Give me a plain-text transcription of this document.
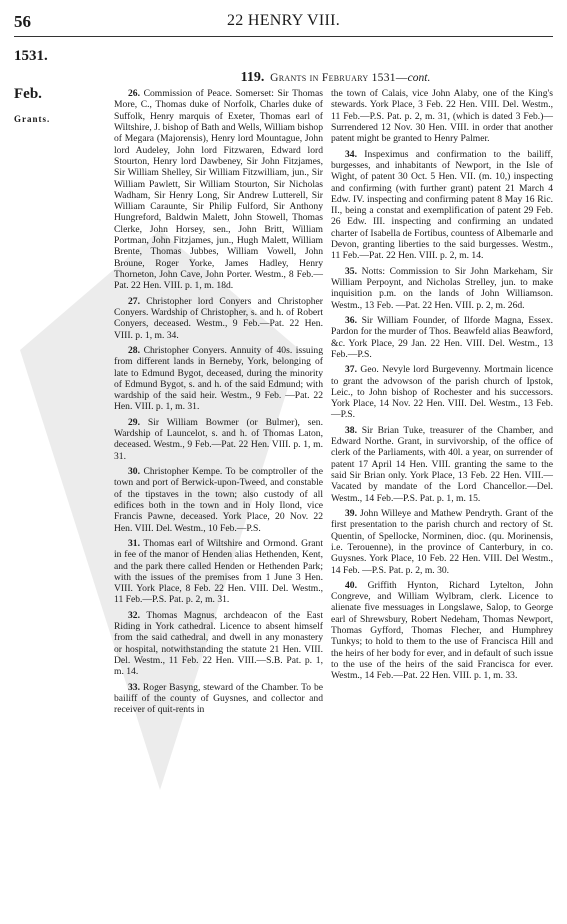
56	22 HENRY VIII.
1531.
Feb.
Grants.
119. Grants in February 1531—cont.

26. Commission of Peace. Somerset: Sir Thomas More, C., Thomas duke of Norfolk, Charles duke of Suffolk, Henry marquis of Exeter, Thomas earl of Wiltshire, J. bishop of Bath and Wells, William bishop of Megara (Majorensis), Henry lord Mountague, John lord Audeley, John lord Fitzwaren, Edward lord Stourton, Henry lord Dawbeney, Sir John Fitzjames, Sir William Shelley, Sir William Fitzwilliam, jun., Sir William Pawlett, Sir William Stourton, Sir Nicholas Wadham, Sir Henry Long, Sir Andrew Lutterell, Sir William Caraunte, Sir Philip Fulford, Sir Anthony Hungreford, Baldwin Malett, John Stowell, Thomas Clerke, John Horsey, sen., John Britt, William Portman, John Fitzjames, jun., Hugh Malett, William Brente, Thomas Jubbes, William Vowell, John Broune, Roger Yorke, James Hadley, Henry Thorneton, John Cave, John Porter. Westm., 8 Feb.—Pat. 22 Hen. VIII. p. 1, m. 18d.

27. Christopher lord Conyers and Christopher Conyers. Wardship of Christopher, s. and h. of Robert Conyers, deceased. Westm., 9 Feb.—Pat. 22 Hen. VIII. p. 1, m. 34.

28. Christopher Conyers. Annuity of 40s. issuing from different lands in Berneby, York, belonging of late to Edmund Bygot, deceased, during the minority of Edmund Bygot, s. and h. of the said Edmund; with wardship of the said heir. Westm., 9 Feb. —Pat. 22 Hen. VIII. p. 1, m. 31.

29. Sir William Bowmer (or Bulmer), sen. Wardship of Launcelot, s. and h. of Thomas Laton, deceased. Westm., 9 Feb.—Pat. 22 Hen. VIII. p. 1, m. 31.

30. Christopher Kempe. To be comptroller of the town and port of Berwick-upon-Tweed, and constable of the tipstaves in the town; also custody of all edifices both in the town and in Holy Ilond, vice Francis Pawne, deceased. York Place, 20 Nov. 22 Hen. VIII. Del. Westm., 10 Feb.—P.S.

31. Thomas earl of Wiltshire and Ormond. Grant in fee of the manor of Henden alias Hethenden, Kent, and the park there called Henden or Hethenden Park; with the issues of the premises from 1 June 3 Hen. VIII. York Place, 8 Feb. 22 Hen. VIII. Del. Westm., 11 Feb.—P.S. Pat. p. 2, m. 31.

32. Thomas Magnus, archdeacon of the East Riding in York cathedral. Licence to absent himself from the said cathedral, and dwell in any monastery or hospital, notwithstanding the statute 21 Hen. VIII. Del. Westm., 11 Feb. 22 Hen. VIII.—S.B. Pat. p. 1, m. 14.

33. Roger Basyng, steward of the Chamber. To be bailiff of the county of Guysnes, and collector and receiver of quit-rents in

the town of Calais, vice John Alaby, one of the King's stewards. York Place, 3 Feb. 22 Hen. VIII. Del. Westm., 11 Feb.—P.S. Pat. p. 2, m. 31, (which is dated 3 Feb.)—Surrendered 12 Nov. 30 Hen. VIII. in order that another patent might be granted to Henry Palmer.

34. Inspeximus and confirmation to the bailiff, burgesses, and inhabitants of Newport, in the Isle of Wight, of patent 30 Oct. 5 Hen. VII. (m. 10,) inspecting and confirming (with further grant) patent 21 March 4 Edw. IV. inspecting and confirming patent 8 May 16 Ric. II., being a constat and exemplification of patent 29 Feb. 26 Edw. III. inspecting and confirming an undated charter of Isabella de Fortibus, countess of Albemarle and Devon, granting liberties to the said burgesses. Westm., 11 Feb.—Pat. 22 Hen. VIII. p. 2, m. 14.

35. Notts: Commission to Sir John Markeham, Sir William Perpoynt, and Nicholas Strelley, jun. to make inquisition p.m. on the lands of John Williamson. Westm., 13 Feb. —Pat. 22 Hen. VIII. p. 2, m. 26d.

36. Sir William Founder, of Ilforde Magna, Essex. Pardon for the murder of Thos. Beawfeld alias Beawford, &c. York Place, 29 Jan. 22 Hen. VIII. Del. Westm., 13 Feb.—P.S.

37. Geo. Nevyle lord Burgevenny. Mortmain licence to grant the advowson of the parish church of Ipstok, Leic., to John bishop of Rochester and his successors. York Place, 14 Nov. 22 Hen. VIII. Del. Westm., 13 Feb.—P.S.

38. Sir Brian Tuke, treasurer of the Chamber, and Edward Northe. Grant, in survivorship, of the office of clerk of the Parliaments, with 40l. a year, on surrender of patent 17 April 14 Hen. VIII. granting the same to the said Sir Brian only. York Place, 13 Feb. 22 Hen. VIII.—Vacated by mandate of the Lord Chancellor.—Del. Westm., 14 Feb.—P.S. Pat. p. 1, m. 15.

39. John Willeye and Mathew Pendryth. Grant of the first presentation to the parish church and rectory of St. Quentin, of Spellocke, Norminen, dioc. (qu. Morinensis, i.e. Terouenne), in the province of Canterbury, in co. Guysnes. York Place, 10 Feb. 22 Hen. VIII. Del Westm., 14 Feb. —P.S. Pat. p. 2, m. 30.

40. Griffith Hynton, Richard Lytelton, John Congreve, and William Wylbram, clerk. Licence to alienate five messuages in Longslawe, Salop, to George earl of Shrewsbury, Robert Nedeham, Thomas Newport, Thomas Gyfford, Thomas Flecher, and Humphrey Tunkys; to hold to them to the use of Francisca Hill and the heirs of her body for ever, and in default of such issue to the use of the heirs of the said Francisca for ever. Westm., 14 Feb.—Pat. 22 Hen. VIII. p. 1, m. 33.
